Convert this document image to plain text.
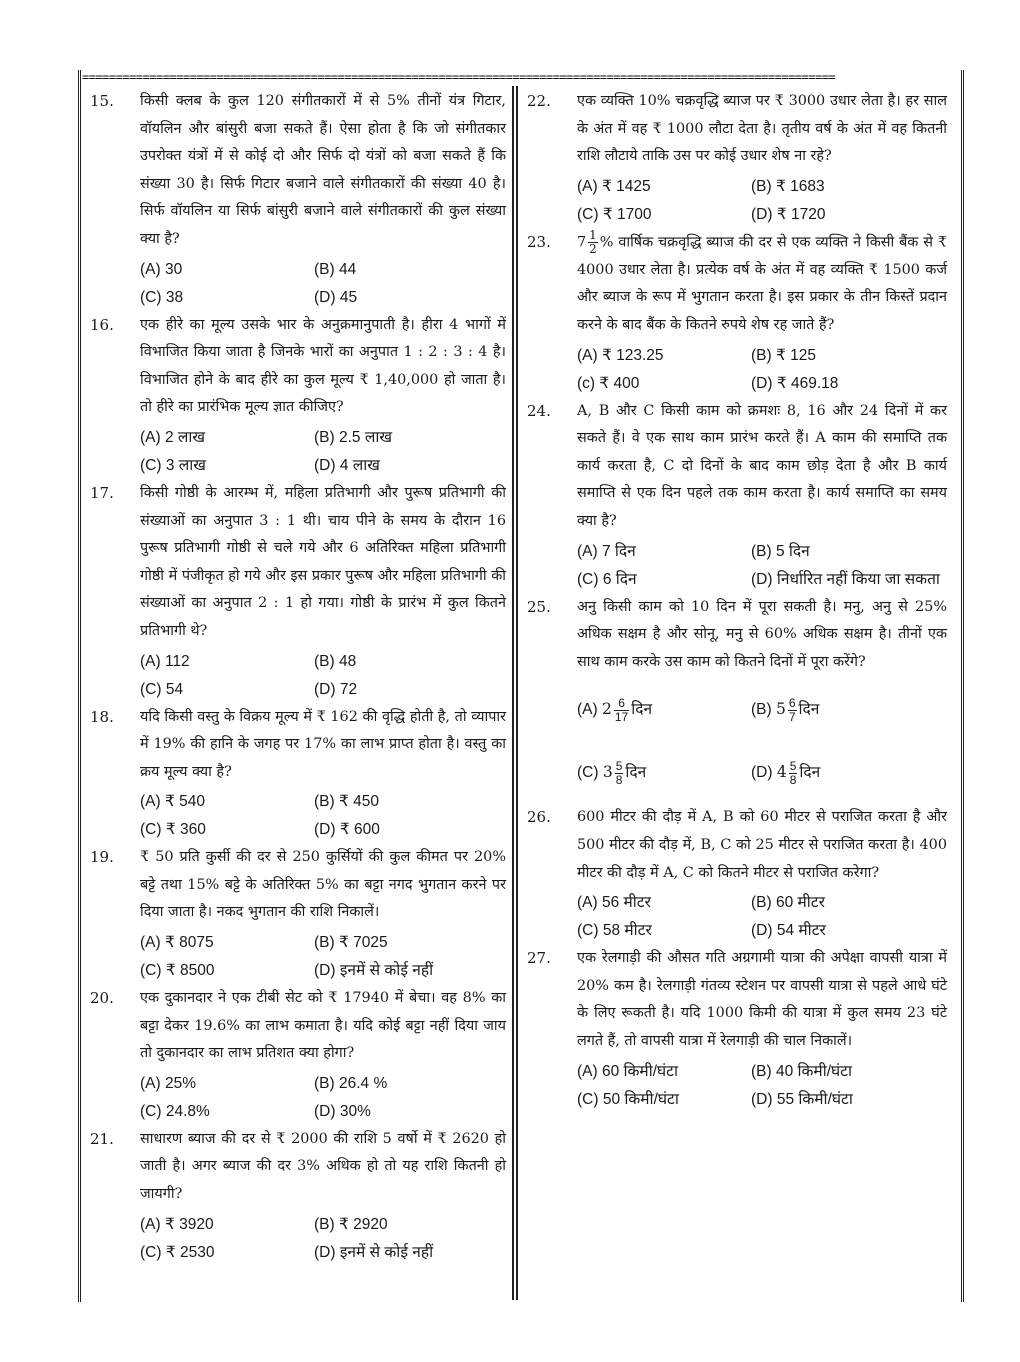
================================================================================================================
15. किसी क्लब के कुल 120 संगीतकारों में से 5% तीनों यंत्र गिटार, वॉयलिन और बांसुरी बजा सकते हैं। ऐसा होता है कि जो संगीतकार उपरोक्त यंत्रों में से कोई दो और सिर्फ दो यंत्रों को बजा सकते हैं कि संख्या 30 है। सिर्फ गिटार बजाने वाले संगीतकारों की संख्या 40 है। सिर्फ वॉयलिन या सिर्फ बांसुरी बजाने वाले संगीतकारों की कुल संख्या क्या है?
(A) 30	(B) 44
(C) 38	(D) 45
16. एक हीरे का मूल्य उसके भार के अनुक्रमानुपाती है। हीरा 4 भागों में विभाजित किया जाता है जिनके भारों का अनुपात 1 : 2 : 3 : 4 है। विभाजित होने के बाद हीरे का कुल मूल्य ₹ 1,40,000 हो जाता है। तो हीरे का प्रारंभिक मूल्य ज्ञात कीजिए?
(A) 2 लाख	(B) 2.5 लाख
(C) 3 लाख	(D) 4 लाख
17. किसी गोष्ठी के आरम्भ में, महिला प्रतिभागी और पुरूष प्रतिभागी की संख्याओं का अनुपात 3 : 1 थी। चाय पीने के समय के दौरान 16 पुरूष प्रतिभागी गोष्ठी से चले गये और 6 अतिरिक्त महिला प्रतिभागी गोष्ठी में पंजीकृत हो गये और इस प्रकार पुरूष और महिला प्रतिभागी की संख्याओं का अनुपात 2 : 1 हो गया। गोष्ठी के प्रारंभ में कुल कितने प्रतिभागी थे?
(A) 112	(B) 48
(C) 54	(D) 72
18. यदि किसी वस्तु के विक्रय मूल्य में ₹ 162 की वृद्धि होती है, तो व्यापार में 19% की हानि के जगह पर 17% का लाभ प्राप्त होता है। वस्तु का क्रय मूल्य क्या है?
(A) ₹ 540	(B) ₹ 450
(C) ₹ 360	(D) ₹ 600
19. ₹ 50 प्रति कुर्सी की दर से 250 कुर्सियों की कुल कीमत पर 20% बट्टे तथा 15% बट्टे के अतिरिक्त 5% का बट्टा नगद भुगतान करने पर दिया जाता है। नकद भुगतान की राशि निकालें।
(A) ₹ 8075	(B) ₹ 7025
(C) ₹ 8500	(D) इनमें से कोई नहीं
20. एक दुकानदार ने एक टीबी सेट को ₹ 17940 में बेचा। वह 8% का बट्टा देकर 19.6% का लाभ कमाता है। यदि कोई बट्टा नहीं दिया जाय तो दुकानदार का लाभ प्रतिशत क्या होगा?
(A) 25%	(B) 26.4 %
(C) 24.8%	(D) 30%
21. साधारण ब्याज की दर से ₹ 2000 की राशि 5 वर्षो में ₹ 2620 हो जाती है। अगर ब्याज की दर 3% अधिक हो तो यह राशि कितनी हो जायगी?
(A) ₹ 3920	(B) ₹ 2920
(C) ₹ 2530	(D) इनमें से कोई नहीं
22. एक व्यक्ति 10% चक्रवृद्धि ब्याज पर ₹ 3000 उधार लेता है। हर साल के अंत में वह ₹ 1000 लौटा देता है। तृतीय वर्ष के अंत में वह कितनी राशि लौटाये ताकि उस पर कोई उधार शेष ना रहे?
(A) ₹ 1425	(B) ₹ 1683
(C) ₹ 1700	(D) ₹ 1720
23. $7 \frac{1}{2}$ % वार्षिक चक्रवृद्धि ब्याज की दर से एक व्यक्ति ने किसी बैंक से ₹ 4000 उधार लेता है। प्रत्येक वर्ष के अंत में वह व्यक्ति ₹ 1500 कर्ज और ब्याज के रूप में भुगतान करता है। इस प्रकार के तीन किस्तें प्रदान करने के बाद बैंक के कितने रुपये शेष रह जाते हैं?
(A) ₹ 123.25	(B) ₹ 125
(c) ₹ 400	(D) ₹ 469.18
24. A, B और C किसी काम को क्रमशः 8, 16 और 24 दिनों में कर सकते हैं। वे एक साथ काम प्रारंभ करते हैं। A काम की समाप्ति तक कार्य करता है, C दो दिनों के बाद काम छोड़ देता है और B कार्य समाप्ति से एक दिन पहले तक काम करता है। कार्य समाप्ति का समय क्या है?
(A) 7 दिन	(B) 5 दिन
(C) 6 दिन	(D) निर्धारित नहीं किया जा सकता
25. अनु किसी काम को 10 दिन में पूरा सकती है। मनु, अनु से 25% अधिक सक्षम है और सोनू, मनु से 60% अधिक सक्षम है। तीनों एक साथ काम करके उस काम को कितने दिनों में पूरा करेंगे?
(A) $2 \frac{6}{17}$ दिन	(B) $5 \frac{6}{7}$ दिन
(C) $3 \frac{5}{8}$ दिन	(D) $4 \frac{5}{8}$ दिन
26. 600 मीटर की दौड़ में A, B को 60 मीटर से पराजित करता है और 500 मीटर की दौड़ में, B, C को 25 मीटर से पराजित करता है। 400 मीटर की दौड़ में A, C को कितने मीटर से पराजित करेगा?
(A) 56 मीटर	(B) 60 मीटर
(C) 58 मीटर	(D) 54 मीटर
27. एक रेलगाड़ी की औसत गति अग्रगामी यात्रा की अपेक्षा वापसी यात्रा में 20% कम है। रेलगाड़ी गंतव्य स्टेशन पर वापसी यात्रा से पहले आधे घंटे के लिए रूकती है। यदि 1000 किमी की यात्रा में कुल समय 23 घंटे लगते हैं, तो वापसी यात्रा में रेलगाड़ी की चाल निकालें।
(A) 60 किमी/घंटा	(B) 40 किमी/घंटा
(C) 50 किमी/घंटा	(D) 55 किमी/घंटा
